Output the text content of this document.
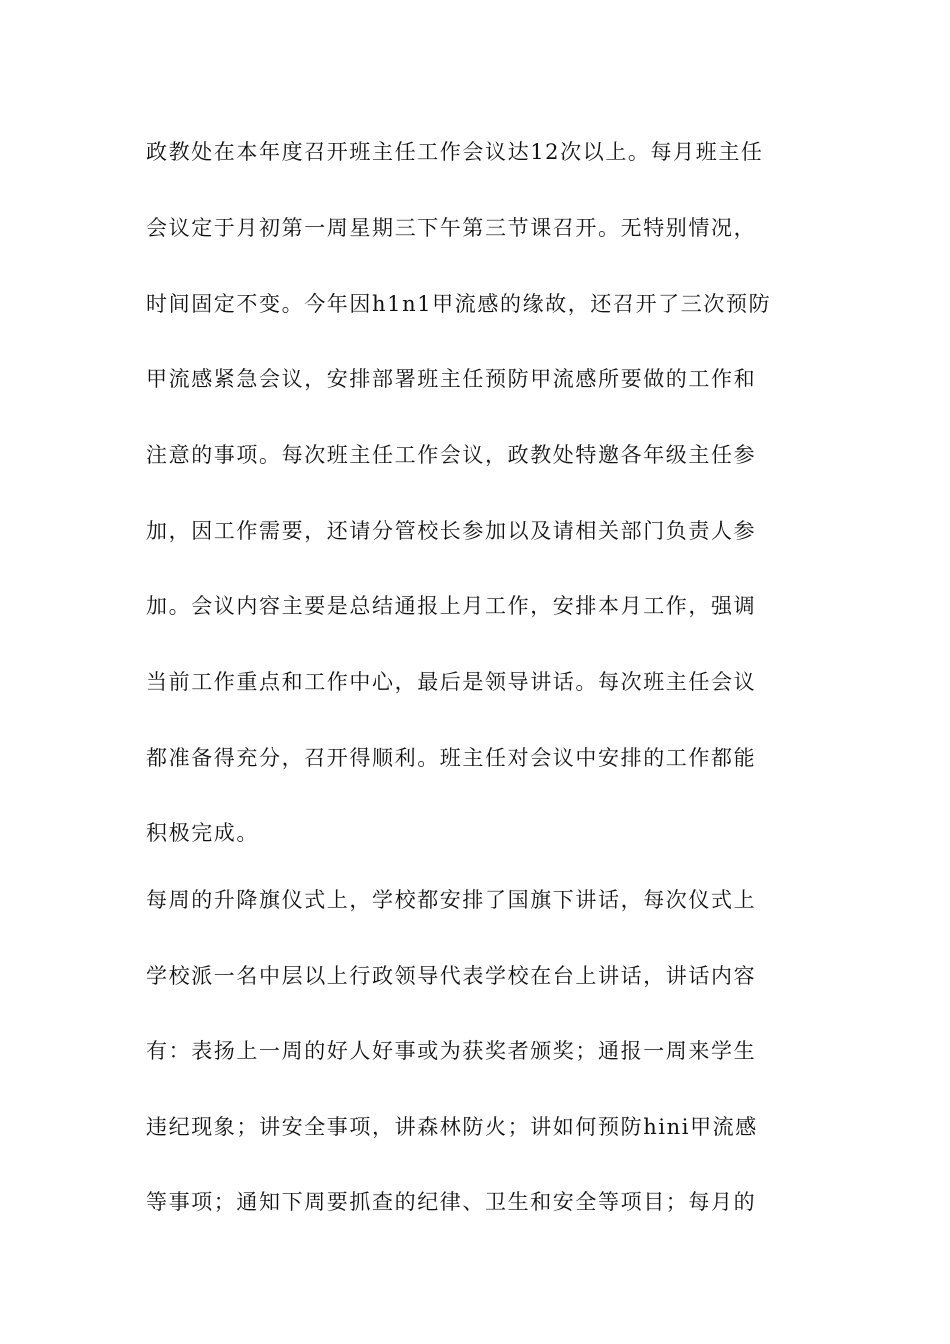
政教处在本年度召开班主任工作会议达12次以上。每月班主任
会议定于月初第一周星期三下午第三节课召开。无特别情况，
时间固定不变。今年因h1n1甲流感的缘故，还召开了三次预防
甲流感紧急会议，安排部署班主任预防甲流感所要做的工作和
注意的事项。每次班主任工作会议，政教处特邀各年级主任参
加，因工作需要，还请分管校长参加以及请相关部门负责人参
加。会议内容主要是总结通报上月工作，安排本月工作，强调
当前工作重点和工作中心，最后是领导讲话。每次班主任会议
都准备得充分，召开得顺利。班主任对会议中安排的工作都能
积极完成。
每周的升降旗仪式上，学校都安排了国旗下讲话，每次仪式上
学校派一名中层以上行政领导代表学校在台上讲话，讲话内容
有：表扬上一周的好人好事或为获奖者颁奖；通报一周来学生
违纪现象；讲安全事项，讲森林防火；讲如何预防hini甲流感
等事项；通知下周要抓查的纪律、卫生和安全等项目；每月的
